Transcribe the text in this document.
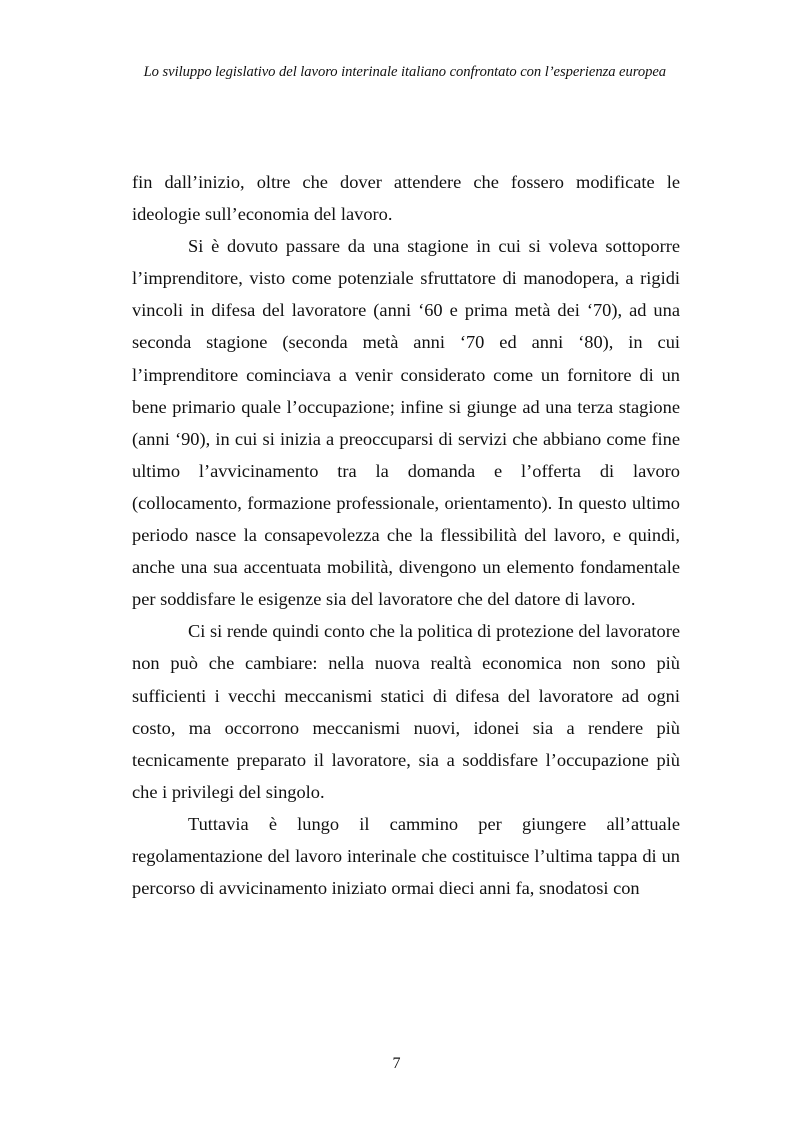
Lo sviluppo legislativo del lavoro interinale italiano confrontato con l’esperienza europea

fin dall’inizio, oltre che dover attendere che fossero modificate le ideologie sull’economia del lavoro.

Si è dovuto passare da una stagione in cui si voleva sottoporre l’imprenditore, visto come potenziale sfruttatore di manodopera, a rigidi vincoli in difesa del lavoratore (anni ‘60 e prima metà dei ‘70), ad una seconda stagione (seconda metà anni ‘70 ed anni ‘80), in cui l’imprenditore cominciava a venir considerato come un fornitore di un bene primario quale l’occupazione; infine si giunge ad una terza stagione (anni ‘90), in cui si inizia a preoccuparsi di servizi che abbiano come fine ultimo l’avvicinamento tra la domanda e l’offerta di lavoro (collocamento, formazione professionale, orientamento). In questo ultimo periodo nasce la consapevolezza che la flessibilità del lavoro, e quindi, anche una sua accentuata mobilità, divengono un elemento fondamentale per soddisfare le esigenze sia del lavoratore che del datore di lavoro.

Ci si rende quindi conto che la politica di protezione del lavoratore non può che cambiare: nella nuova realtà economica non sono più sufficienti i vecchi meccanismi statici di difesa del lavoratore ad ogni costo, ma occorrono meccanismi nuovi, idonei sia a rendere più tecnicamente preparato il lavoratore, sia a soddisfare l’occupazione più che i privilegi del singolo.

Tuttavia è lungo il cammino per giungere all’attuale regolamentazione del lavoro interinale che costituisce l’ultima tappa di un percorso di avvicinamento iniziato ormai dieci anni fa, snodatosi con

7
